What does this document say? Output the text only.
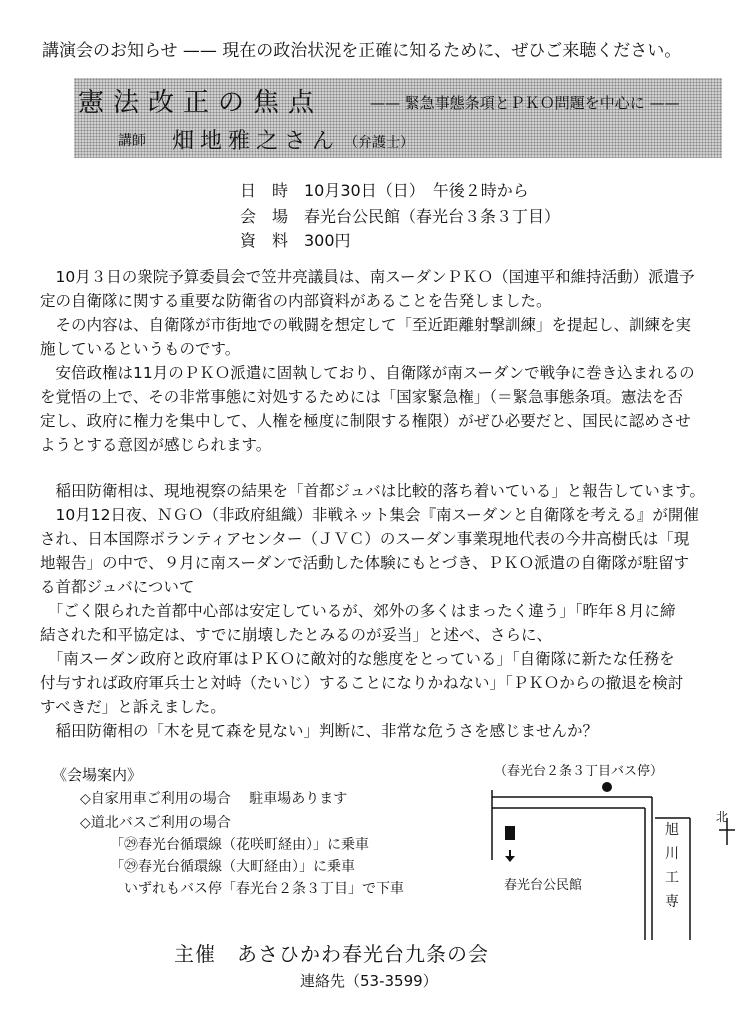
講演会のお知らせ —— 現在の政治状況を正確に知るために、ぜひご来聴ください。
憲法改正の焦点	—— 緊急事態条項とＰＫＯ問題を中心に ——
講師 畑地雅之さん （弁護士）
日　時　10月30日（日）　午後２時から
会　場　春光台公民館（春光台３条３丁目）
資　料　300円

　10月３日の衆院予算委員会で笠井亮議員は、南スーダンＰＫＯ（国連平和維持活動）派遣予

定の自衛隊に関する重要な防衛省の内部資料があることを告発しました。

　その内容は、自衛隊が市街地での戦闘を想定して「至近距離射撃訓練」を提起し、訓練を実

施しているというものです。

　安倍政権は11月のＰＫＯ派遣に固執しており、自衛隊が南スーダンで戦争に巻き込まれるの

を覚悟の上で、その非常事態に対処するためには「国家緊急権」（＝緊急事態条項。憲法を否

定し、政府に権力を集中して、人権を極度に制限する権限）がぜひ必要だと、国民に認めさせ

ようとする意図が感じられます。

　稲田防衛相は、現地視察の結果を「首都ジュバは比較的落ち着いている」と報告しています。

　10月12日夜、ＮＧＯ（非政府組織）非戦ネット集会『南スーダンと自衛隊を考える』が開催

され、日本国際ボランティアセンター（ＪＶＣ）のスーダン事業現地代表の今井高樹氏は「現

地報告」の中で、９月に南スーダンで活動した体験にもとづき、ＰＫＯ派遣の自衛隊が駐留す

る首都ジュバについて

　「ごく限られた首都中心部は安定しているが、郊外の多くはまったく違う」「昨年８月に締

結された和平協定は、すでに崩壊したとみるのが妥当」と述べ、さらに、

　「南スーダン政府と政府軍はＰＫＯに敵対的な態度をとっている」「自衛隊に新たな任務を

付与すれば政府軍兵士と対峙（たいじ）することになりかねない」「ＰＫＯからの撤退を検討

すべきだ」と訴えました。

　稲田防衛相の「木を見て森を見ない」判断に、非常な危うさを感じませんか？

《会場案内》
◇自家用車ご利用の場合　 駐車場あります
◇道北バスご利用の場合
「㉙春光台循環線（花咲町経由）」に乗車
「㉙春光台循環線（大町経由）」に乗車
いずれもバス停「春光台２条３丁目」で下車
（春光台２条３丁目バス停）
春光台公民館
旭川工専
北
主催　あさひかわ春光台九条の会
連絡先（53-3599）
